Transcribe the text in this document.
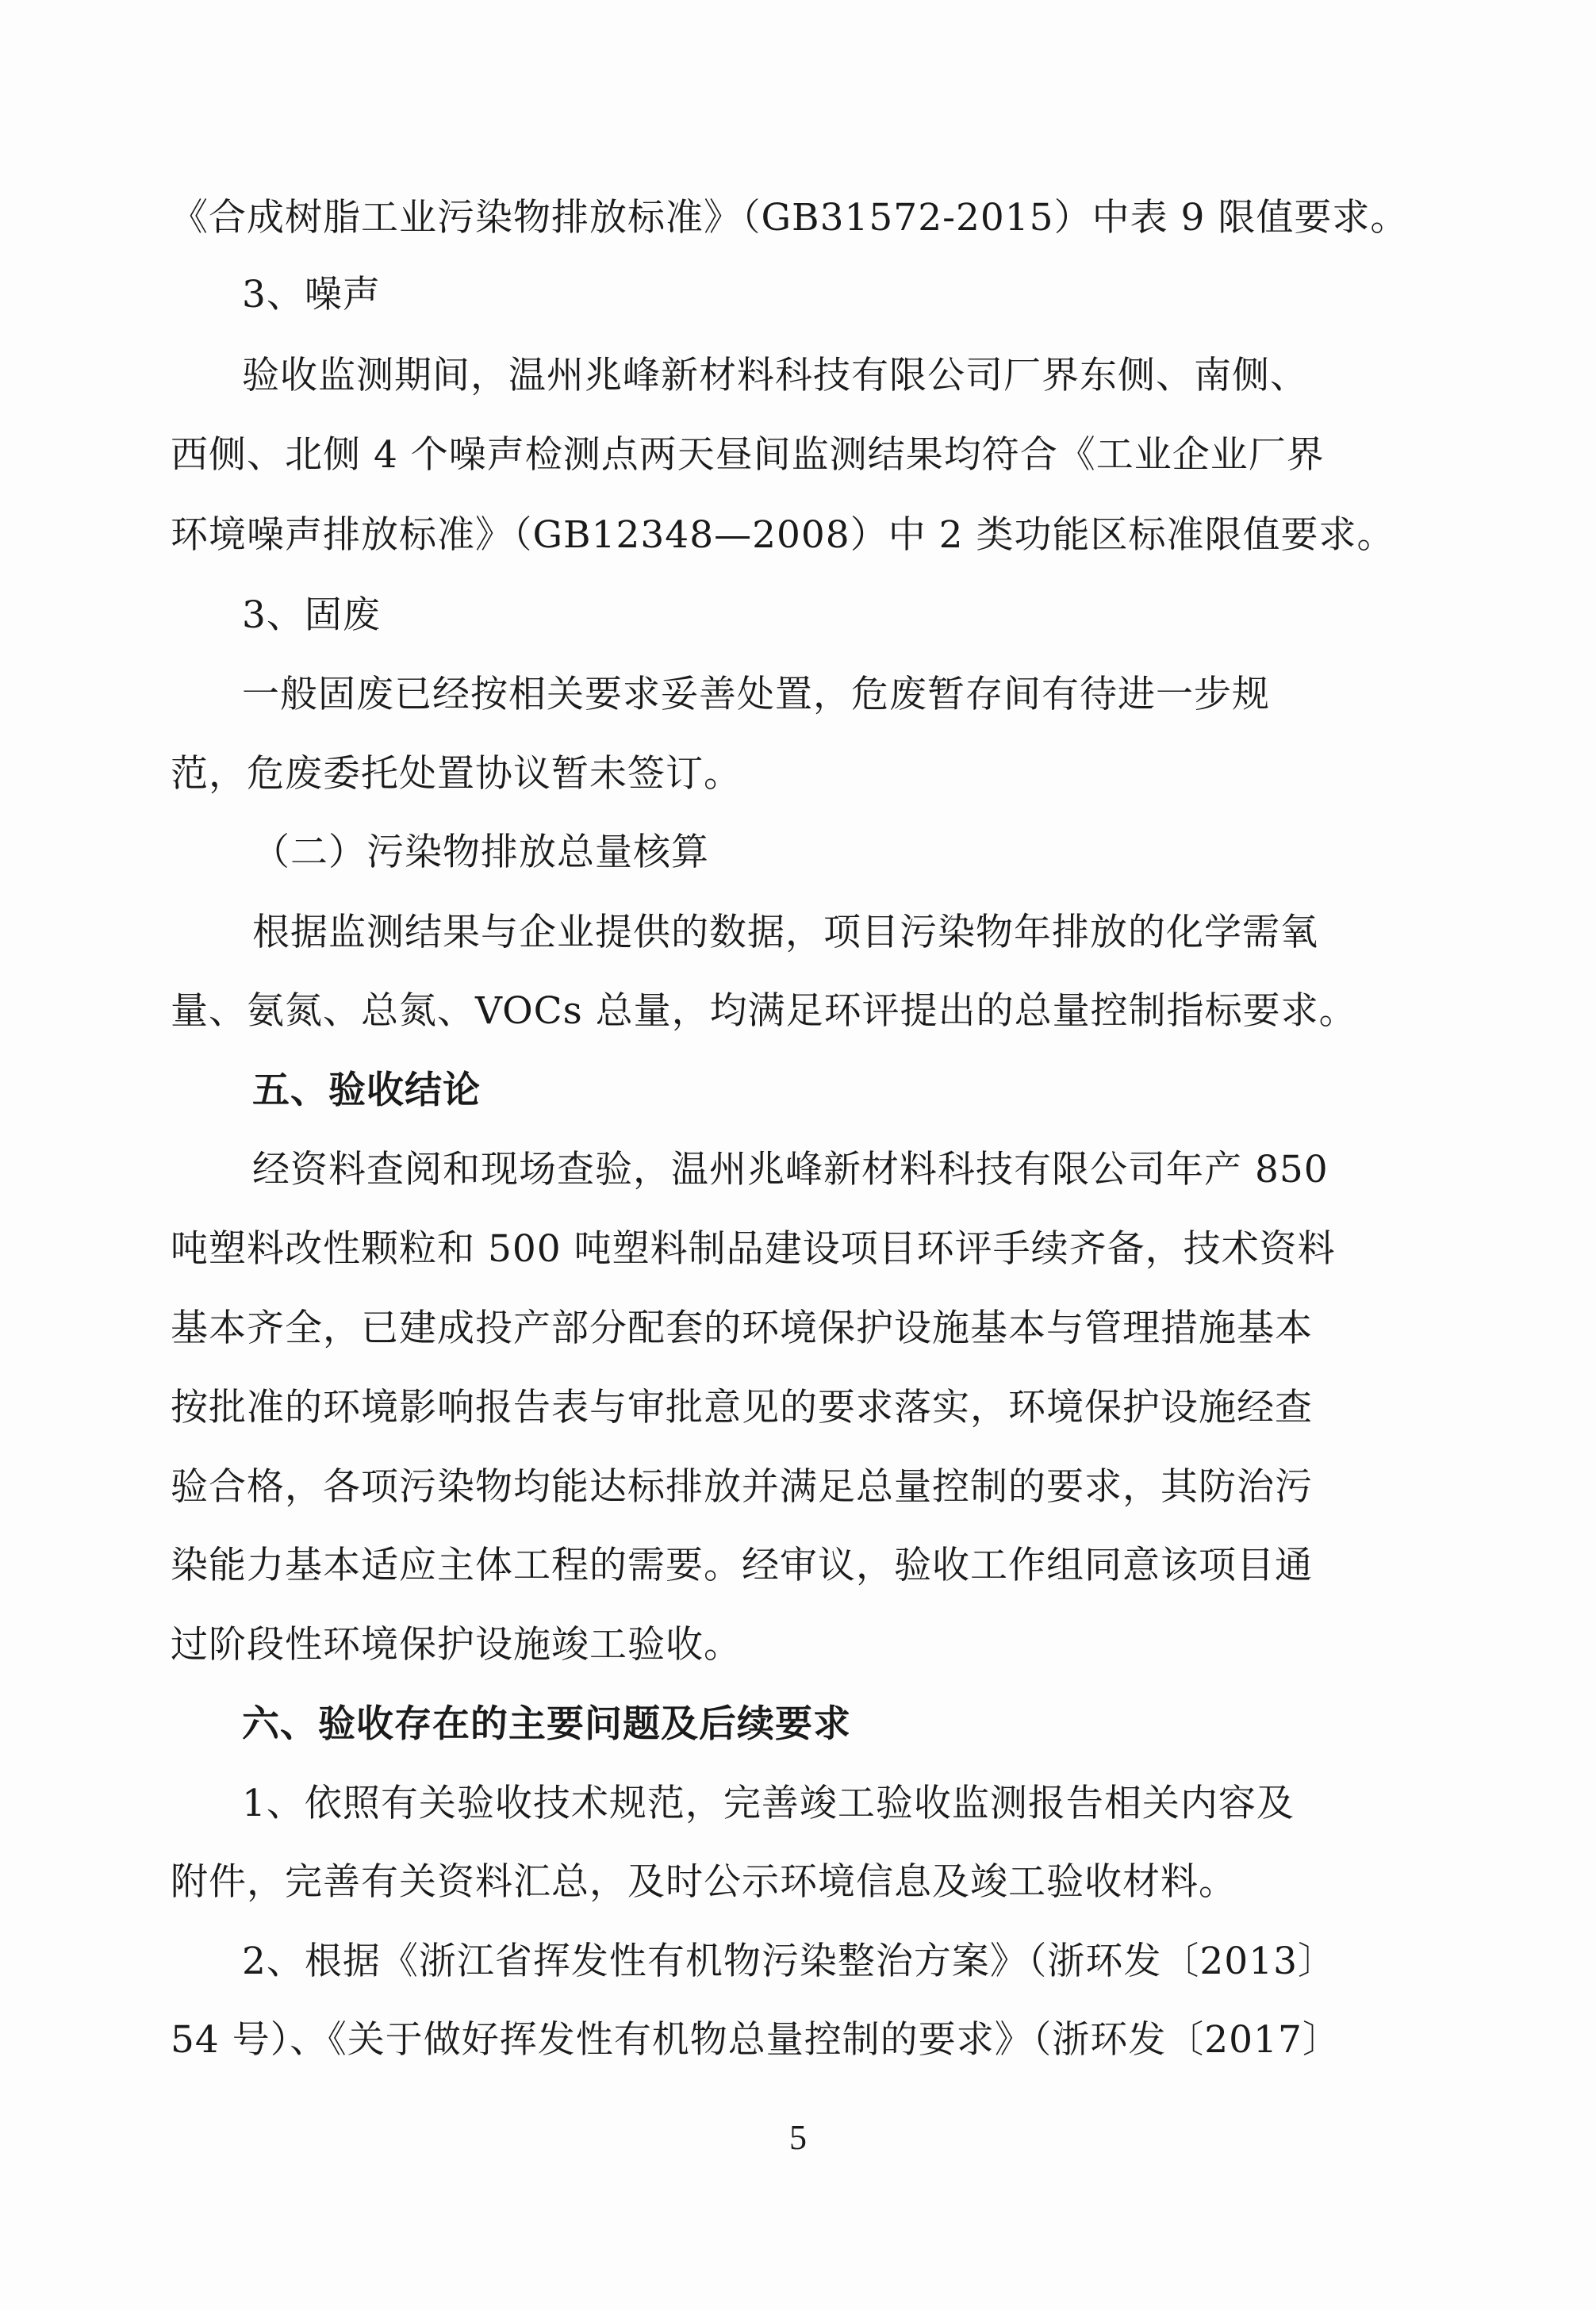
《合成树脂工业污染物排放标准》（GB31572-2015）中表 9 限值要求。
3、噪声
验收监测期间，温州兆峰新材料科技有限公司厂界东侧、南侧、
西侧、北侧 4 个噪声检测点两天昼间监测结果均符合《工业企业厂界
环境噪声排放标准》（GB12348—2008）中 2 类功能区标准限值要求。
3、固废
一般固废已经按相关要求妥善处置，危废暂存间有待进一步规
范，危废委托处置协议暂未签订。
（二）污染物排放总量核算
根据监测结果与企业提供的数据，项目污染物年排放的化学需氧
量、氨氮、总氮、VOCs 总量，均满足环评提出的总量控制指标要求。
五、验收结论
经资料查阅和现场查验，温州兆峰新材料科技有限公司年产 850
吨塑料改性颗粒和 500 吨塑料制品建设项目环评手续齐备，技术资料
基本齐全，已建成投产部分配套的环境保护设施基本与管理措施基本
按批准的环境影响报告表与审批意见的要求落实，环境保护设施经查
验合格，各项污染物均能达标排放并满足总量控制的要求，其防治污
染能力基本适应主体工程的需要。经审议，验收工作组同意该项目通
过阶段性环境保护设施竣工验收。
六、验收存在的主要问题及后续要求
1、依照有关验收技术规范，完善竣工验收监测报告相关内容及
附件，完善有关资料汇总，及时公示环境信息及竣工验收材料。
2、根据《浙江省挥发性有机物污染整治方案》（浙环发〔2013〕
54 号）、《关于做好挥发性有机物总量控制的要求》（浙环发〔2017〕
5
